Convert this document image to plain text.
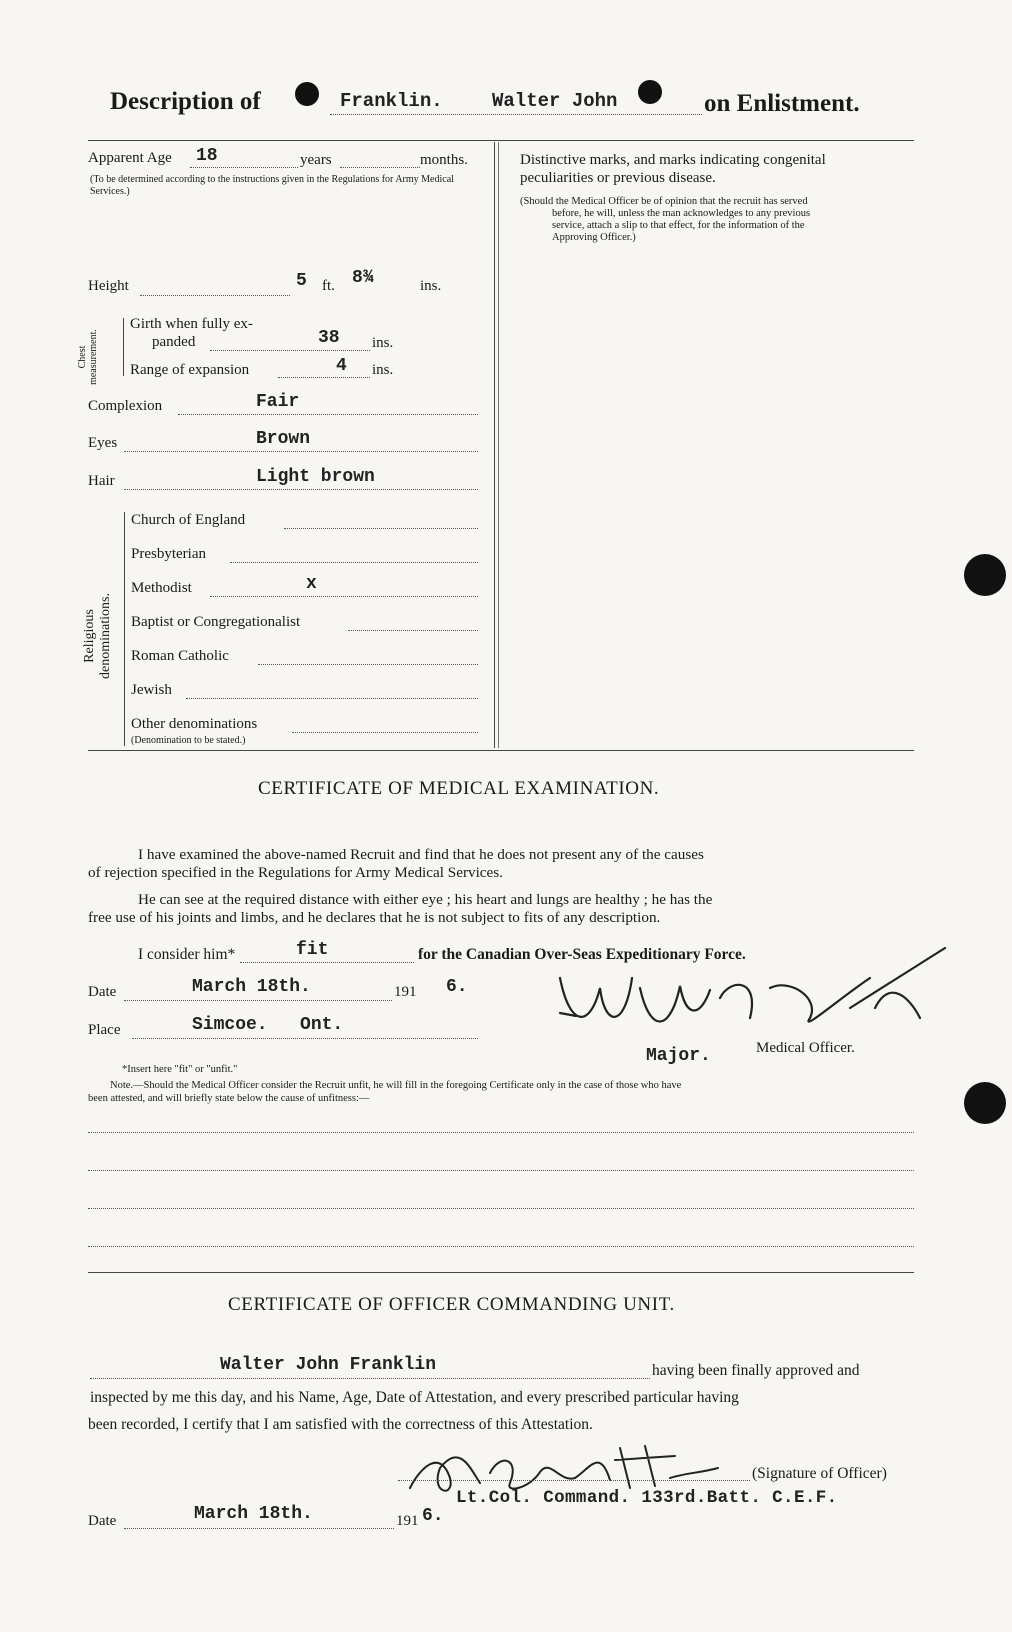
Description of	Franklin.	Walter John	on Enlistment.
Apparent Age 18	years	months.
(To be determined according to the instructions given in the Regulations for Army Medical Services.)
Height	5 ft. 8¾	ins.
Chest measurement.
Girth when fully ex-
panded	38 ins.
Range of expansion	4 ins.
Complexion	Fair
Eyes	Brown
Hair	Light brown
Religious denominations.
Church of England
Presbyterian
Methodist	x
Baptist or Congregationalist
Roman Catholic
Jewish
Other denominations
(Denomination to be stated.)
Distinctive marks, and marks indicating congenital
peculiarities or previous disease.
(Should the Medical Officer be of opinion that the recruit has served
before, he will, unless the man acknowledges to any previous
service, attach a slip to that effect, for the information of the
Approving Officer.)
CERTIFICATE OF MEDICAL EXAMINATION.
I have examined the above-named Recruit and find that he does not present any of the causes
of rejection specified in the Regulations for Army Medical Services.
He can see at the required distance with either eye ; his heart and lungs are healthy ; he has the
free use of his joints and limbs, and he declares that he is not subject to fits of any description.
I consider him*	fit	for the Canadian Over-Seas Expeditionary Force.
Date	March 18th.	191 6.
Place	Simcoe.   Ont.
Major.	Medical Officer.
*Insert here "fit" or "unfit."
Note.—Should the Medical Officer consider the Recruit unfit, he will fill in the foregoing Certificate only in the case of those who have
been attested, and will briefly state below the cause of unfitness:—
CERTIFICATE OF OFFICER COMMANDING UNIT.
Walter John Franklin	having been finally approved and
inspected by me this day, and his Name, Age, Date of Attestation, and every prescribed particular having
been recorded, I certify that I am satisfied with the correctness of this Attestation.
(Signature of Officer)
Date	March 18th.	191 6.
Lt.Col. Command. 133rd.Batt. C.E.F.
